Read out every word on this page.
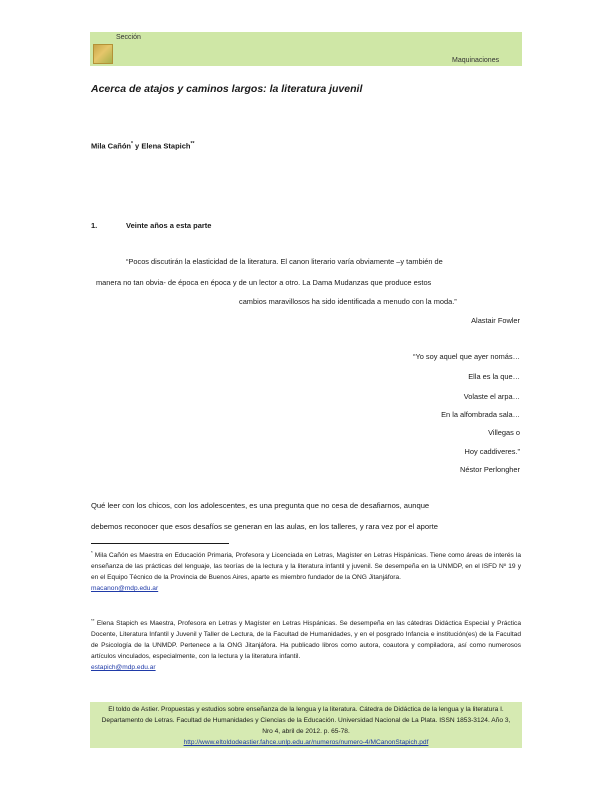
Sección
Maquinaciones
Acerca de atajos y caminos largos: la literatura juvenil
Mila Cañón* y Elena Stapich**
1.	Veinte años a esta parte
“Pocos discutirán la elasticidad de la literatura. El canon literario varía obviamente –y también de
manera no tan obvia- de época en época y de un lector a otro. La Dama Mudanzas que produce estos
cambios maravillosos ha sido identificada a menudo con la moda.”
Alastair Fowler
“Yo soy aquel que ayer nomás…
Ella es la que…
Volaste el arpa…
En la alfombrada sala…
Villegas o
Hoy caddiveres.”
Néstor Perlongher
Qué leer con los chicos, con los adolescentes, es una pregunta que no cesa de desafiarnos, aunque
debemos reconocer que esos desafíos se generan en las aulas, en los talleres, y rara vez por el aporte
* Mila Cañón es Maestra en Educación Primaria, Profesora y Licenciada en Letras, Magíster en Letras Hispánicas. Tiene como áreas de interés la enseñanza de las prácticas del lenguaje, las teorías de la lectura y la literatura infantil y juvenil. Se desempeña en la UNMDP, en el ISFD Nº 19 y en el Equipo Técnico de la Provincia de Buenos Aires, aparte es miembro fundador de la ONG Jitanjáfora.
macanon@mdp.edu.ar
** Elena Stapich es Maestra, Profesora en Letras y Magíster en Letras Hispánicas. Se desempeña en las cátedras Didáctica Especial y Práctica Docente, Literatura Infantil y Juvenil y Taller de Lectura, de la Facultad de Humanidades, y en el posgrado Infancia e institución(es) de la Facultad de Psicología de la UNMDP. Pertenece a la ONG Jitanjáfora. Ha publicado libros como autora, coautora y compiladora, así como numerosos artículos vinculados, especialmente, con la lectura y la literatura infantil.
estapich@mdp.edu.ar
El toldo de Astier. Propuestas y estudios sobre enseñanza de la lengua y la literatura. Cátedra de Didáctica de la lengua y la literatura I. Departamento de Letras. Facultad de Humanidades y Ciencias de la Educación. Universidad Nacional de La Plata. ISSN 1853-3124. Año 3, Nro 4, abril de 2012. p. 65-78.
http://www.eltoldodeastier.fahce.unlp.edu.ar/numeros/numero-4/MCanonStapich.pdf
